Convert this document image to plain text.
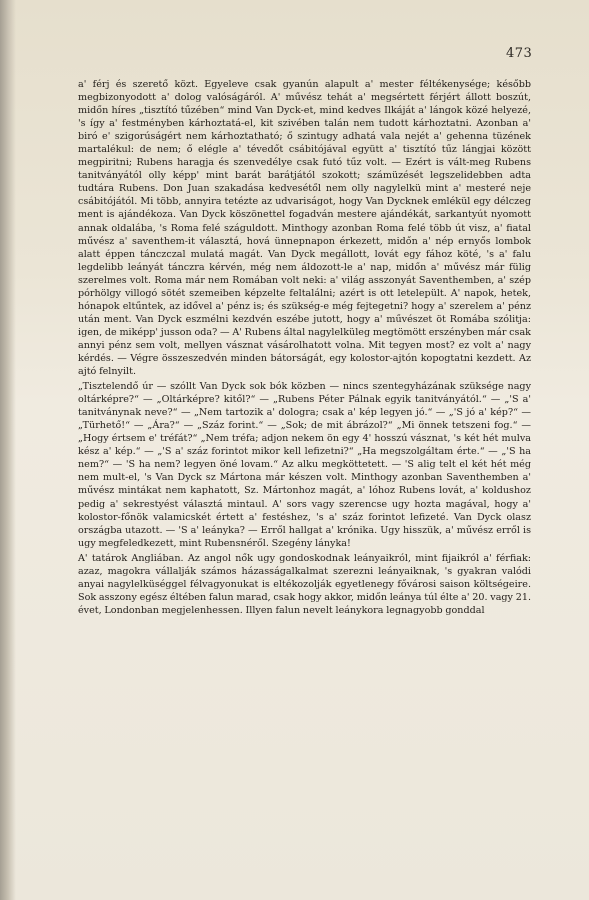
473

a' férj és szerető közt. Egyeleve csak gyanún alapult a' mester féltékenysége; később megbizonyodott a' dolog valóságáról. A' művész tehát a' megsértett férjért állott boszút, midőn híres „tisztító tűzében“ mind Van Dyck-et, mind kedves Ilkáját a' lángok közé helyezé, 's így a' festményben kárhoztatá-el, kit szivében talán nem tudott kárhoztatni. Azonban a' biró e' szigorúságért nem kárhoztatható; ő szintugy adhatá vala nejét a' gehenna tüzének martalékul: de nem; ő elégle a' tévedőt csábitójával együtt a' tisztító tűz lángjai között megpiritni; Rubens haragja és szenvedélye csak futó tűz volt. — Ezért is vált-meg Rubens tanitványától olly képp' mint barát barátjától szokott; számüzését legszelidebben adta tudtára Rubens. Don Juan szakadása kedvesétől nem olly nagylelkü mint a' mesteré neje csábitójától. Mi több, annyira tetézte az udvariságot, hogy Van Dycknek emlékül egy délczeg ment is ajándékoza. Van Dyck köszönettel fogadván mestere ajándékát, sarkantyút nyomott annak oldalába, 's Roma felé száguldott. Minthogy azonban Roma felé több út visz, a' fiatal művész a' saventhem-it választá, hová ünnepnapon érkezett, midőn a' nép ernyős lombok alatt éppen tánczczal mulatá magát. Van Dyck megállott, lovát egy fához köté, 's a' falu legdelibb leányát tánczra kérvén, még nem áldozott-le a' nap, midőn a' művész már fülig szerelmes volt. Roma már nem Romában volt neki: a' világ asszonyát Saventhemben, a' szép pórhölgy villogó sötét szemeiben képzelte feltalálni; azért is ott letelepült. A' napok, hetek, hónapok eltűntek, az idővel a' pénz is; és szükség-e még fejtegetni? hogy a' szerelem a' pénz után ment. Van Dyck eszmélni kezdvén eszébe jutott, hogy a' művészet öt Romába szólitja: igen, de miképp' jusson oda? — A' Rubens által nagylelküleg megtömött erszényben már csak annyi pénz sem volt, mellyen vásznat vásárolhatott volna. Mit tegyen most? ez volt a' nagy kérdés. — Végre összeszedvén minden bátorságát, egy kolostor-ajtón kopogtatni kezdett. Az ajtó felnyilt.

„Tisztelendő úr — szóllt Van Dyck sok bók közben — nincs szentegyházának szüksége nagy oltárképre?“ — „Oltárképre? kitől?“ — „Rubens Péter Pálnak egyik tanitványától.“ — „'S a' tanitványnak neve?“ — „Nem tartozik a' dologra; csak a' kép legyen jó.“ — „'S jó a' kép?“ — „Türhető!“ — „Ára?“ — „Száz forint.“ — „Sok; de mit ábrázol?“ „Mi önnek tetszeni fog.“ — „Hogy értsem e' tréfát?“ „Nem tréfa; adjon nekem ön egy 4' hosszú vásznat, 's két hét mulva kész a' kép.“ — „'S a' száz forintot mikor kell lefizetni?“ „Ha megszolgáltam érte.“ — „'S ha nem?“ — 'S ha nem? legyen öné lovam.“ Az alku megköttetett. — 'S alig telt el két hét még nem mult-el, 's Van Dyck sz Mártona már készen volt. Minthogy azonban Saventhemben a' művész mintákat nem kaphatott, Sz. Mártonhoz magát, a' lóhoz Rubens lovát, a' koldushoz pedig a' sekrestyést választá mintaul. A' sors vagy szerencse ugy hozta magával, hogy a' kolostor-főnök valamicskét értett a' festéshez, 's a' száz forintot lefizeté. Van Dyck olasz országba utazott. — 'S a' leányka? — Erről hallgat a' krónika. Ugy hisszük, a' művész erről is ugy megfeledkezett, mint Rubensnéről. Szegény lányka!

A' tatárok Angliában. Az angol nők ugy gondoskodnak leányaikról, mint fijaikról a' férfiak: azaz, magokra vállalják számos házasságalkalmat szerezni leányaiknak, 's gyakran valódi anyai nagylelküséggel félvagyonukat is eltékozolják egyetlenegy fővárosi saison költségeire. Sok asszony egész éltében falun marad, csak hogy akkor, midőn leánya túl élte a' 20. vagy 21. évet, Londonban megjelenhessen. Illyen falun nevelt leánykora legnagyobb gonddal
